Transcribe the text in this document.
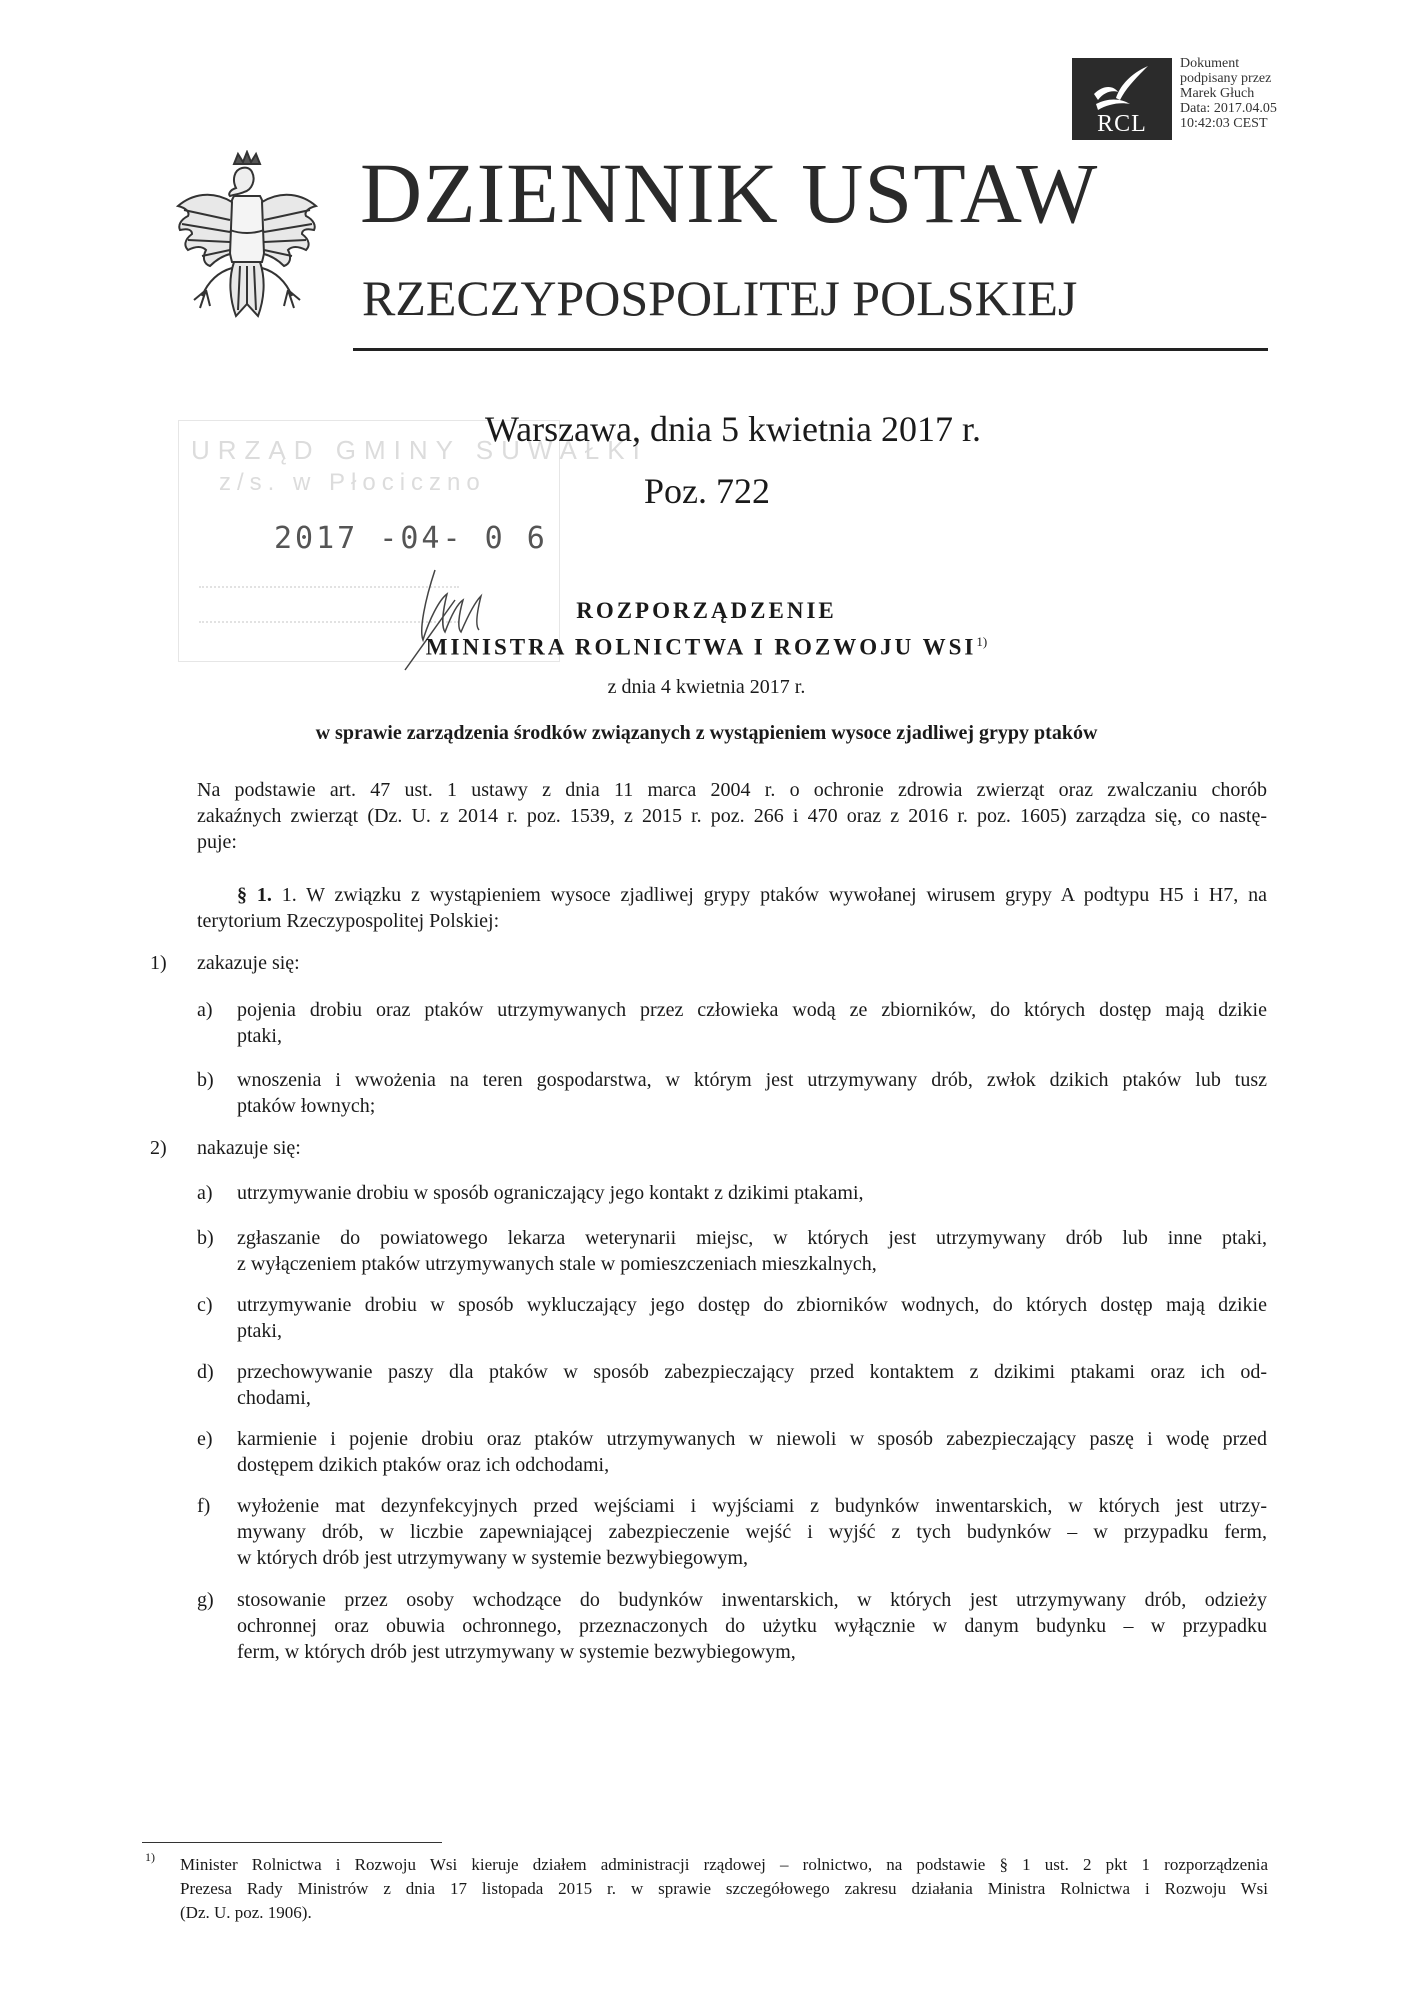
RCL
Dokument
podpisany przez
Marek Głuch
Data: 2017.04.05
10:42:03 CEST
DZIENNIK USTAW
RZECZYPOSPOLITEJ POLSKIEJ
URZĄD GMINY SUWAŁKI
z/s. w Płociczno
2017 -04- 0 6
Warszawa, dnia 5 kwietnia 2017 r.
Poz. 722
ROZPORZĄDZENIE
MINISTRA ROLNICTWA I ROZWOJU WSI$^{1)}$
z dnia 4 kwietnia 2017 r.
w sprawie zarządzenia środków związanych z wystąpieniem wysoce zjadliwej grypy ptaków
Na podstawie art. 47 ust. 1 ustawy z dnia 11 marca 2004 r. o ochronie zdrowia zwierząt oraz zwalczaniu chorób
zakaźnych zwierząt (Dz. U. z 2014 r. poz. 1539, z 2015 r. poz. 266 i 470 oraz z 2016 r. poz. 1605) zarządza się, co nastę-
puje:
§ 1. 1. W związku z wystąpieniem wysoce zjadliwej grypy ptaków wywołanej wirusem grypy A podtypu H5 i H7, na
terytorium Rzeczypospolitej Polskiej:
1) zakazuje się:
a) pojenia drobiu oraz ptaków utrzymywanych przez człowieka wodą ze zbiorników, do których dostęp mają dzikie
ptaki,
b) wnoszenia i wwożenia na teren gospodarstwa, w którym jest utrzymywany drób, zwłok dzikich ptaków lub tusz
ptaków łownych;
2) nakazuje się:
a) utrzymywanie drobiu w sposób ograniczający jego kontakt z dzikimi ptakami,
b) zgłaszanie do powiatowego lekarza weterynarii miejsc, w których jest utrzymywany drób lub inne ptaki,
z wyłączeniem ptaków utrzymywanych stale w pomieszczeniach mieszkalnych,
c) utrzymywanie drobiu w sposób wykluczający jego dostęp do zbiorników wodnych, do których dostęp mają dzikie
ptaki,
d) przechowywanie paszy dla ptaków w sposób zabezpieczający przed kontaktem z dzikimi ptakami oraz ich od-
chodami,
e) karmienie i pojenie drobiu oraz ptaków utrzymywanych w niewoli w sposób zabezpieczający paszę i wodę przed
dostępem dzikich ptaków oraz ich odchodami,
f) wyłożenie mat dezynfekcyjnych przed wejściami i wyjściami z budynków inwentarskich, w których jest utrzy-
mywany drób, w liczbie zapewniającej zabezpieczenie wejść i wyjść z tych budynków – w przypadku ferm,
w których drób jest utrzymywany w systemie bezwybiegowym,
g) stosowanie przez osoby wchodzące do budynków inwentarskich, w których jest utrzymywany drób, odzieży
ochronnej oraz obuwia ochronnego, przeznaczonych do użytku wyłącznie w danym budynku – w przypadku
ferm, w których drób jest utrzymywany w systemie bezwybiegowym,
1) Minister Rolnictwa i Rozwoju Wsi kieruje działem administracji rządowej – rolnictwo, na podstawie § 1 ust. 2 pkt 1 rozporządzenia
Prezesa Rady Ministrów z dnia 17 listopada 2015 r. w sprawie szczegółowego zakresu działania Ministra Rolnictwa i Rozwoju Wsi
(Dz. U. poz. 1906).
